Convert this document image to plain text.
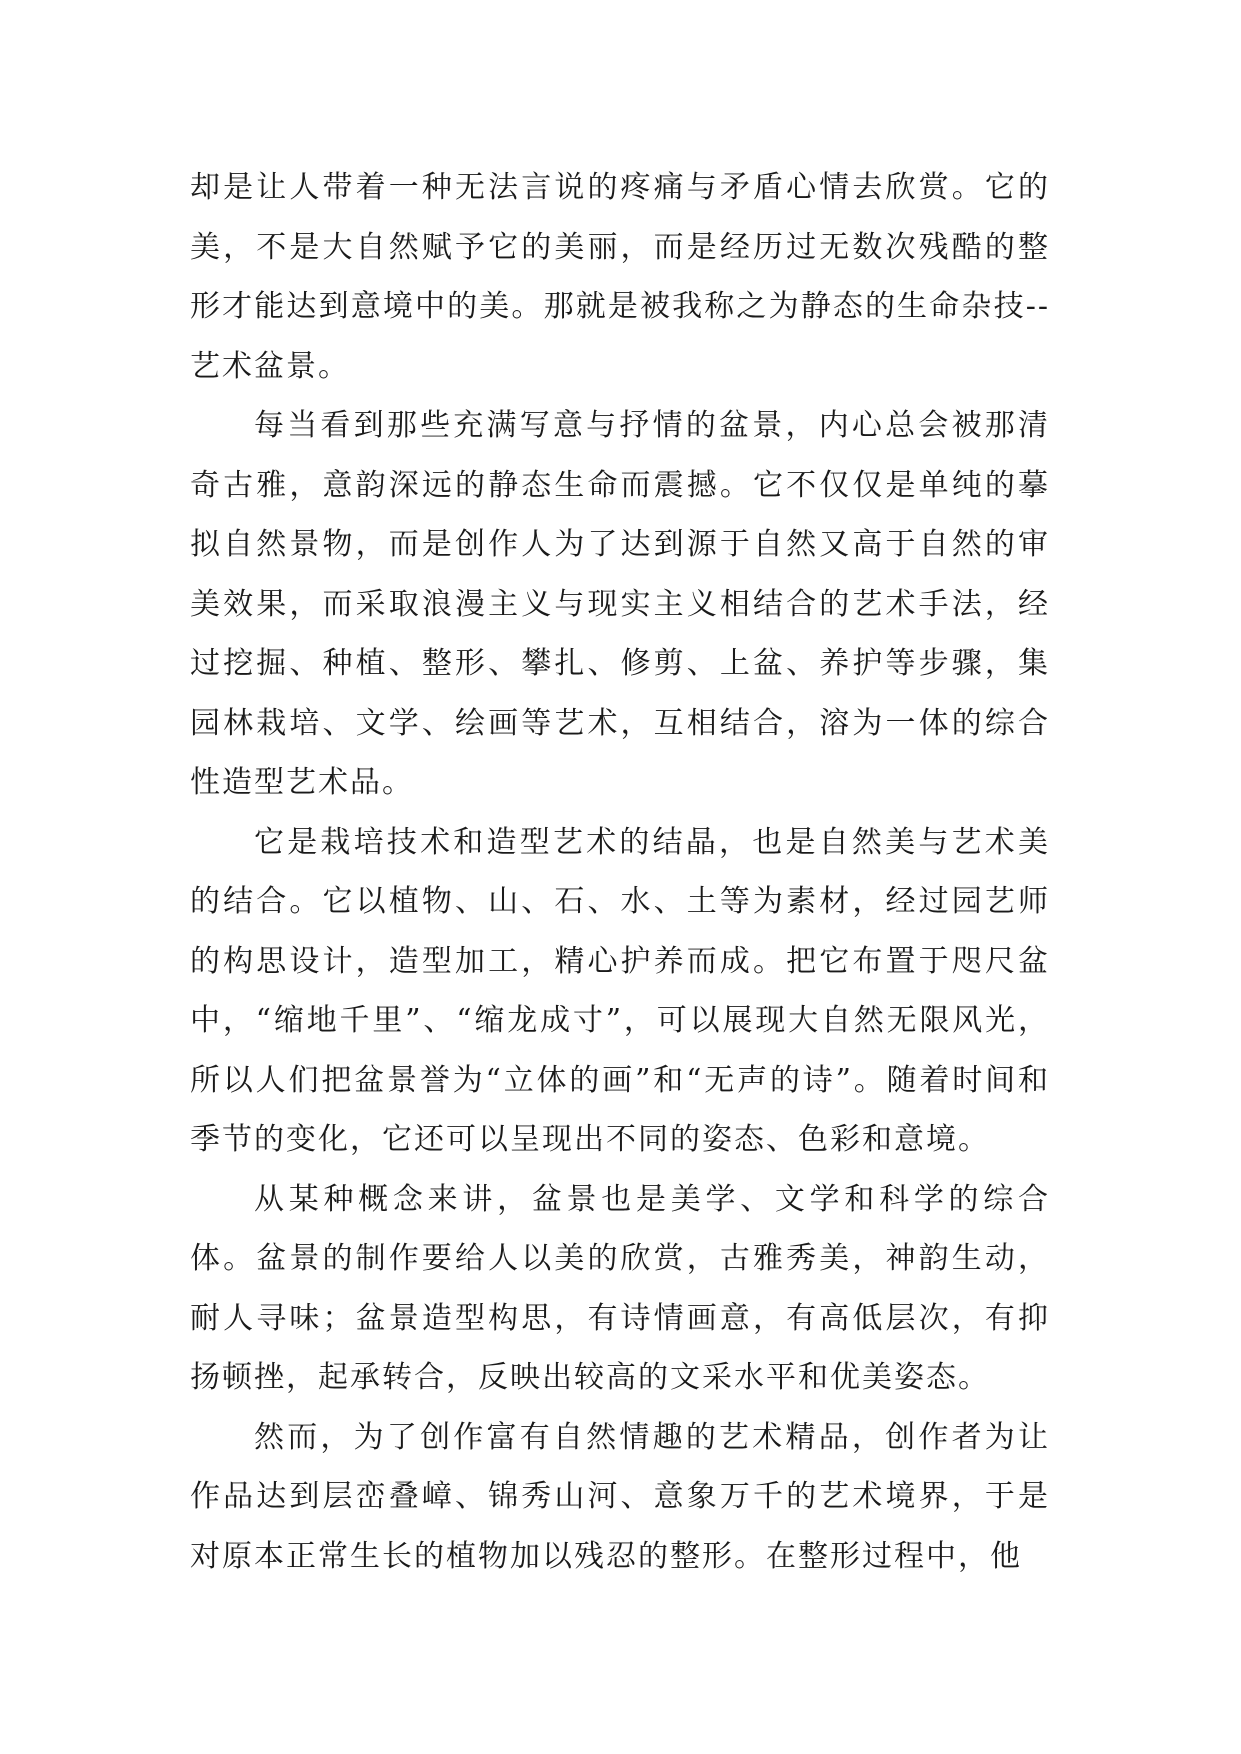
却是让人带着一种无法言说的疼痛与矛盾心情去欣赏。它的美，不是大自然赋予它的美丽，而是经历过无数次残酷的整形才能达到意境中的美。那就是被我称之为静态的生命杂技--艺术盆景。

每当看到那些充满写意与抒情的盆景，内心总会被那清奇古雅，意韵深远的静态生命而震撼。它不仅仅是单纯的摹拟自然景物，而是创作人为了达到源于自然又高于自然的审美效果，而采取浪漫主义与现实主义相结合的艺术手法，经过挖掘、种植、整形、攀扎、修剪、上盆、养护等步骤，集园林栽培、文学、绘画等艺术，互相结合，溶为一体的综合性造型艺术品。

它是栽培技术和造型艺术的结晶，也是自然美与艺术美的结合。它以植物、山、石、水、土等为素材，经过园艺师的构思设计，造型加工，精心护养而成。把它布置于咫尺盆中，“缩地千里”、“缩龙成寸”，可以展现大自然无限风光，所以人们把盆景誉为“立体的画”和“无声的诗”。随着时间和季节的变化，它还可以呈现出不同的姿态、色彩和意境。

从某种概念来讲，盆景也是美学、文学和科学的综合体。盆景的制作要给人以美的欣赏，古雅秀美，神韵生动，耐人寻味；盆景造型构思，有诗情画意，有高低层次，有抑扬顿挫，起承转合，反映出较高的文采水平和优美姿态。

然而，为了创作富有自然情趣的艺术精品，创作者为让作品达到层峦叠嶂、锦秀山河、意象万千的艺术境界，于是对原本正常生长的植物加以残忍的整形。在整形过程中，他
